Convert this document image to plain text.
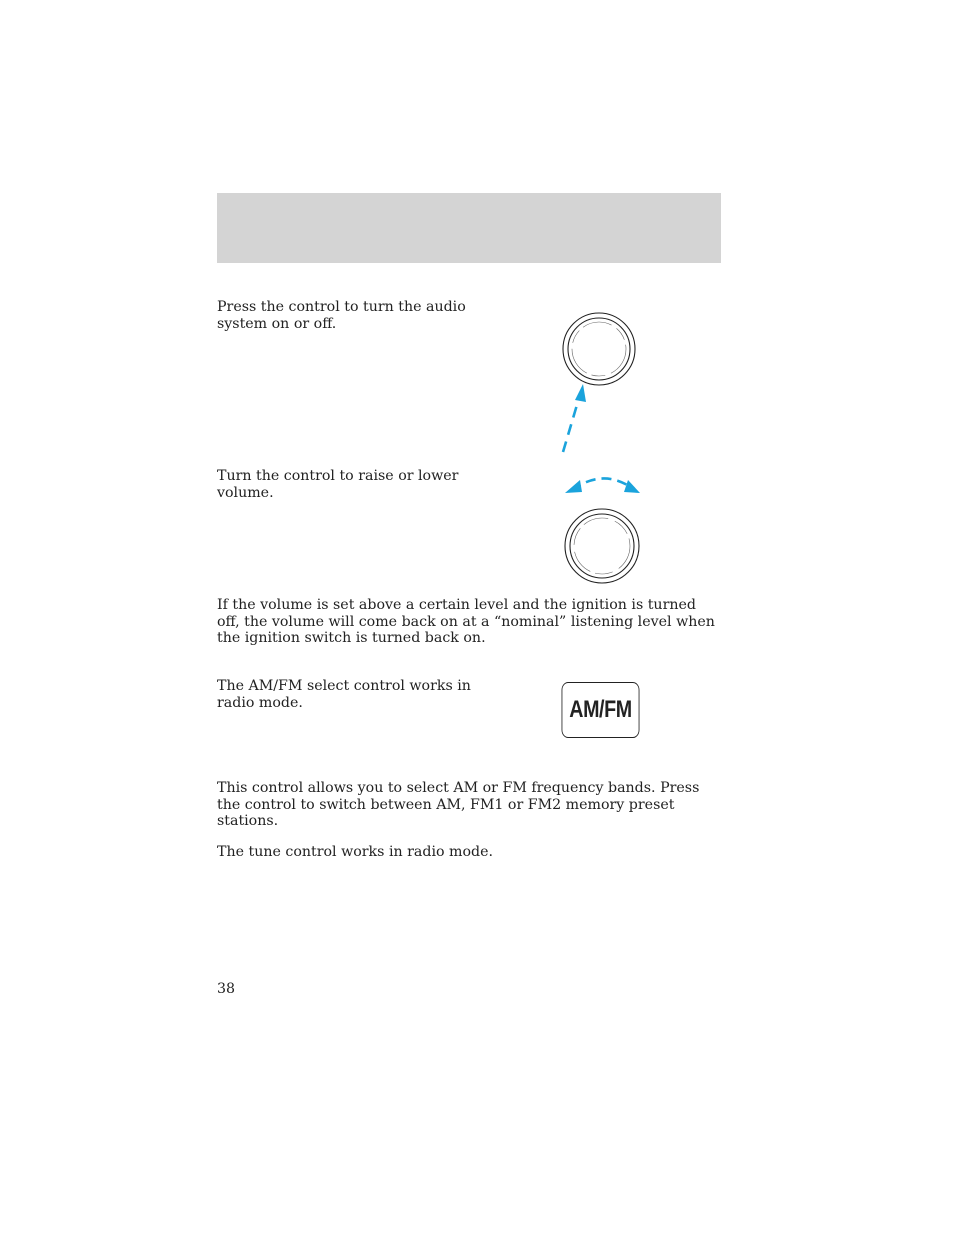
Press the control to turn the audio system on or off.

Turn the control to raise or lower volume.

If the volume is set above a certain level and the ignition is turned off, the volume will come back on at a “nominal” listening level when the ignition switch is turned back on.

The AM/FM select control works in radio mode.	AM/FM

This control allows you to select AM or FM frequency bands. Press the control to switch between AM, FM1 or FM2 memory preset stations.

The tune control works in radio mode.

38
